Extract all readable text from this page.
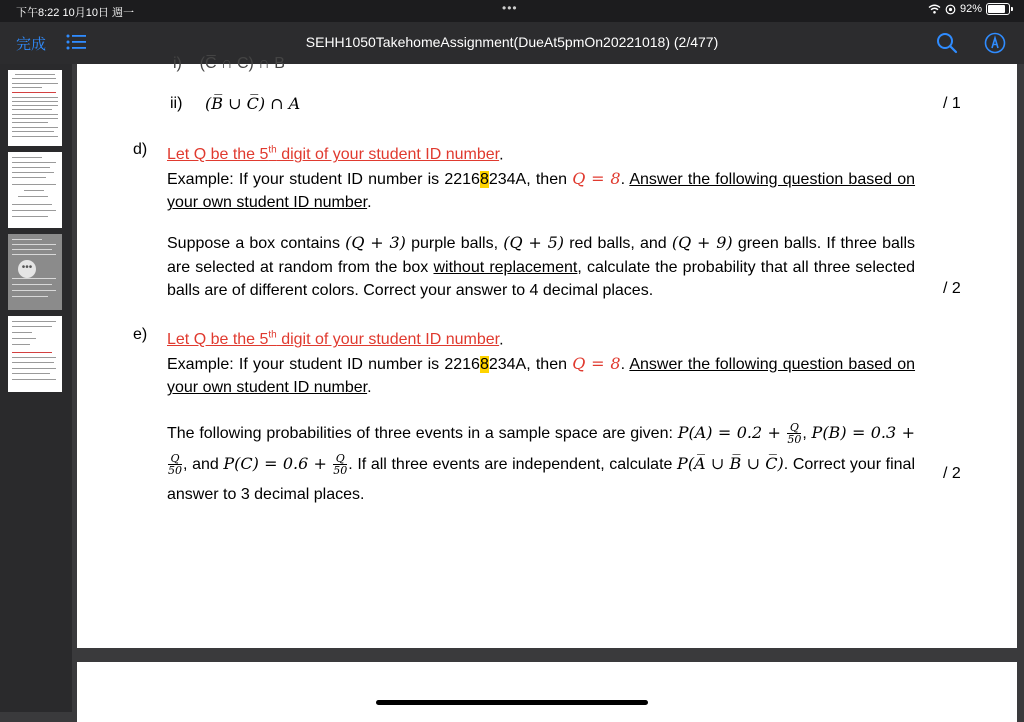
下午8:22 10月10日 週一	•••	92%
完成	SEHH1050TakehomeAssignment(DueAt5pmOn20221018) (2/477)
•••
i)    (C̅ ∩ C) ∩ B
ii) (B̅ ∪ C̅) ∩ A	/ 1
d) Let Q be the 5th digit of your student ID number.
Example: If your student ID number is 22168234A, then Q = 8. Answer the following question based on your own student ID number.
Suppose a box contains (Q + 3) purple balls, (Q + 5) red balls, and (Q + 9) green balls. If three balls are selected at random from the box without replacement, calculate the probability that all three selected balls are of different colors. Correct your answer to 4 decimal places.	/ 2
e) Let Q be the 5th digit of your student ID number.
Example: If your student ID number is 22168234A, then Q = 8. Answer the following question based on your own student ID number.
The following probabilities of three events in a sample space are given: $P(A) = 0.2 + \frac{Q}{50}$ , P(B) = 0.3 +
$\frac{Q}{50}$ , and $P(C) = 0.6 + \frac{Q}{50}$ . If all three events are independent, calculate P(A̅ ∪ B̅ ∪ C̅). Correct your final answer to 3 decimal places.
/ 2
